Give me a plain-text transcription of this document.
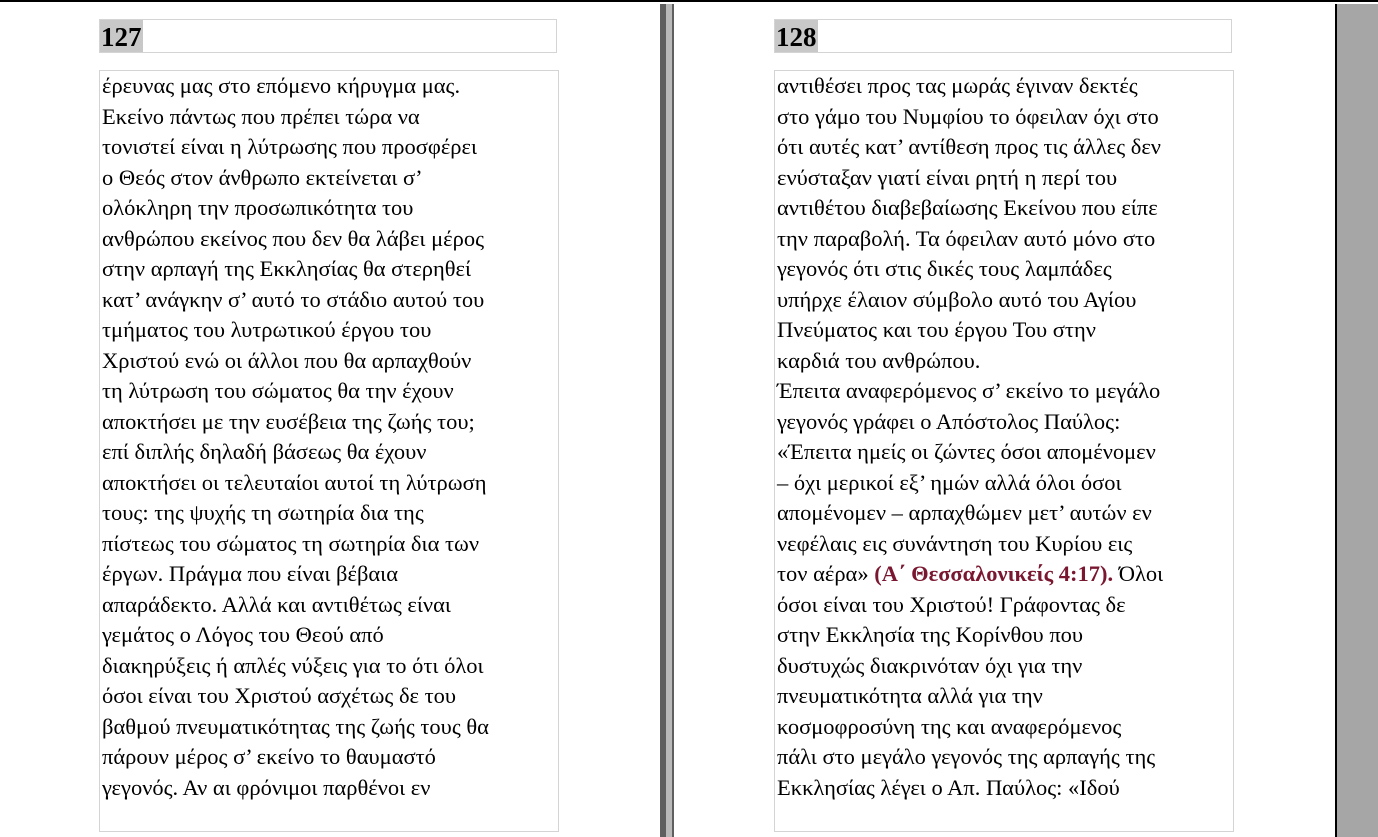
127
έρευνας μας στο επόμενο κήρυγμα μας.
Εκείνο πάντως που πρέπει τώρα να
τονιστεί είναι η λύτρωσης που προσφέρει
ο Θεός στον άνθρωπο εκτείνεται σ’
ολόκληρη την προσωπικότητα του
ανθρώπου εκείνος που δεν θα λάβει μέρος
στην αρπαγή της Εκκλησίας θα στερηθεί
κατ’ ανάγκην σ’ αυτό το στάδιο αυτού του
τμήματος του λυτρωτικού έργου του
Χριστού ενώ οι άλλοι που θα αρπαχθούν
τη λύτρωση του σώματος θα την έχουν
αποκτήσει με την ευσέβεια της ζωής του;
επί διπλής δηλαδή βάσεως θα έχουν
αποκτήσει οι τελευταίοι αυτοί τη λύτρωση
τους: της ψυχής τη σωτηρία δια της
πίστεως του σώματος τη σωτηρία δια των
έργων. Πράγμα που είναι βέβαια
απαράδεκτο. Αλλά και αντιθέτως είναι
γεμάτος ο Λόγος του Θεού από
διακηρύξεις ή απλές νύξεις για το ότι όλοι
όσοι είναι του Χριστού ασχέτως δε του
βαθμού πνευματικότητας της ζωής τους θα
πάρουν μέρος σ’ εκείνο το θαυμαστό
γεγονός. Αν αι φρόνιμοι παρθένοι εν
128
αντιθέσει προς τας μωράς έγιναν δεκτές
στο γάμο του Νυμφίου το όφειλαν όχι στο
ότι αυτές κατ’ αντίθεση προς τις άλλες δεν
ενύσταξαν γιατί είναι ρητή η περί του
αντιθέτου διαβεβαίωσης Εκείνου που είπε
την παραβολή. Τα όφειλαν αυτό μόνο στο
γεγονός ότι στις δικές τους λαμπάδες
υπήρχε έλαιον σύμβολο αυτό του Αγίου
Πνεύματος και του έργου Του στην
καρδιά του ανθρώπου.
Έπειτα αναφερόμενος σ’ εκείνο το μεγάλο
γεγονός γράφει ο Απόστολος Παύλος:
«Έπειτα ημείς οι ζώντες όσοι απομένομεν
– όχι μερικοί εξ’ ημών αλλά όλοι όσοι
απομένομεν – αρπαχθώμεν μετ’ αυτών εν
νεφέλαις εις συνάντηση του Κυρίου εις
τον αέρα» (Α΄ Θεσσαλονικείς 4:17). Όλοι
όσοι είναι του Χριστού! Γράφοντας δε
στην Εκκλησία της Κορίνθου που
δυστυχώς διακρινόταν όχι για την
πνευματικότητα αλλά για την
κοσμοφροσύνη της και αναφερόμενος
πάλι στο μεγάλο γεγονός της αρπαγής της
Εκκλησίας λέγει ο Απ. Παύλος: «Ιδού
